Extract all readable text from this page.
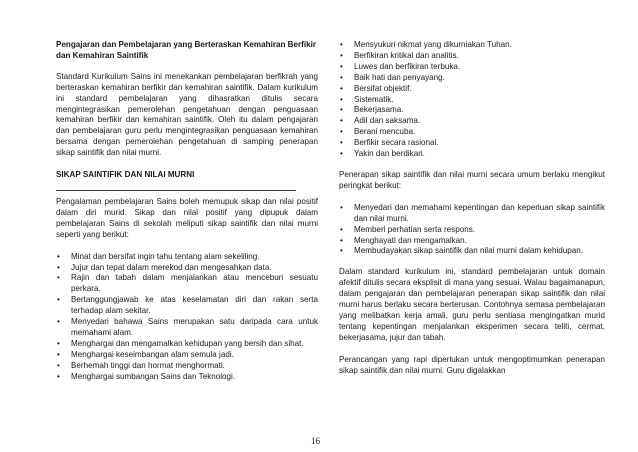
Pengajaran dan Pembelajaran yang Berteraskan Kemahiran Berfikir dan Kemahiran Saintifik

Standard Kurikulum Sains ini menekankan pembelajaran berfikrah yang berteraskan kemahiran berfikir dan kemahiran saintifik. Dalam kurikulum ini standard pembelajaran yang dihasratkan ditulis secara mengintegrasikan pemerolehan pengetahuan dengan penguasaan kemahiran berfikir dan kemahiran saintifik. Oleh itu dalam pengajaran dan pembelajaran guru perlu mengintegrasikan penguasaan kemahiran bersama dengan pemerolehan pengetahuan di samping penerapan sikap saintifik dan nilai murni.

SIKAP SAINTIFIK DAN NILAI MURNI

Pengalaman pembelajaran Sains boleh memupuk sikap dan nilai positif dalam diri murid. Sikap dan nilai positif yang dipupuk dalam pembelajaran Sains di sekolah meliputi sikap saintifik dan nilai murni seperti yang berikut:

• Minat dan bersifat ingin tahu tentang alam sekeliling.
• Jujur dan tepat dalam merekod dan mengesahkan data.
• Rajin dan tabah dalam menjalankan atau menceburi sesuatu perkara.
• Bertanggungjawab ke atas keselamatan diri dan rakan serta terhadap alam sekitar.
• Menyedari bahawa Sains merupakan satu daripada cara untuk memahami alam.
• Menghargai dan mengamalkan kehidupan yang bersih dan sihat.
• Menghargai keseimbangan alam semula jadi.
• Berhemah tinggi dan hormat menghormati.
• Menghargai sumbangan Sains dan Teknologi.
• Mensyukuri nikmat yang dikurniakan Tuhan.
• Berfikiran kritikal dan analitis.
• Luwes dan berfikiran terbuka.
• Baik hati dan penyayang.
• Bersifat objektif.
• Sistematik.
• Bekerjasama.
• Adil dan saksama.
• Berani mencuba.
• Berfikir secara rasional.
• Yakin dan berdikari.

Penerapan sikap saintifik dan nilai murni secara umum berlaku mengikut peringkat berikut:

• Menyedari dan memahami kepentingan dan keperluan sikap saintifik dan nilai murni.
• Memberi perhatian serta respons.
• Menghayati dan mengamalkan.
• Membudayakan sikap saintifik dan nilai murni dalam kehidupan.

Dalam standard kurikulum ini, standard pembelajaran untuk domain afektif ditulis secara eksplisit di mana yang sesuai. Walau bagaimanapun, dalam pengajaran dan pembelajaran penerapan sikap saintifik dan nilai murni harus berlaku secara berterusan. Contohnya semasa pembelajaran yang melibatkan kerja amali, guru perlu sentiasa mengingatkan murid tentang kepentingan menjalankan eksperimen secara teliti, cermat, bekerjasama, jujur dan tabah.

Perancangan yang rapi diperlukan untuk mengoptimumkan penerapan sikap saintifik dan nilai murni. Guru digalakkan

16
